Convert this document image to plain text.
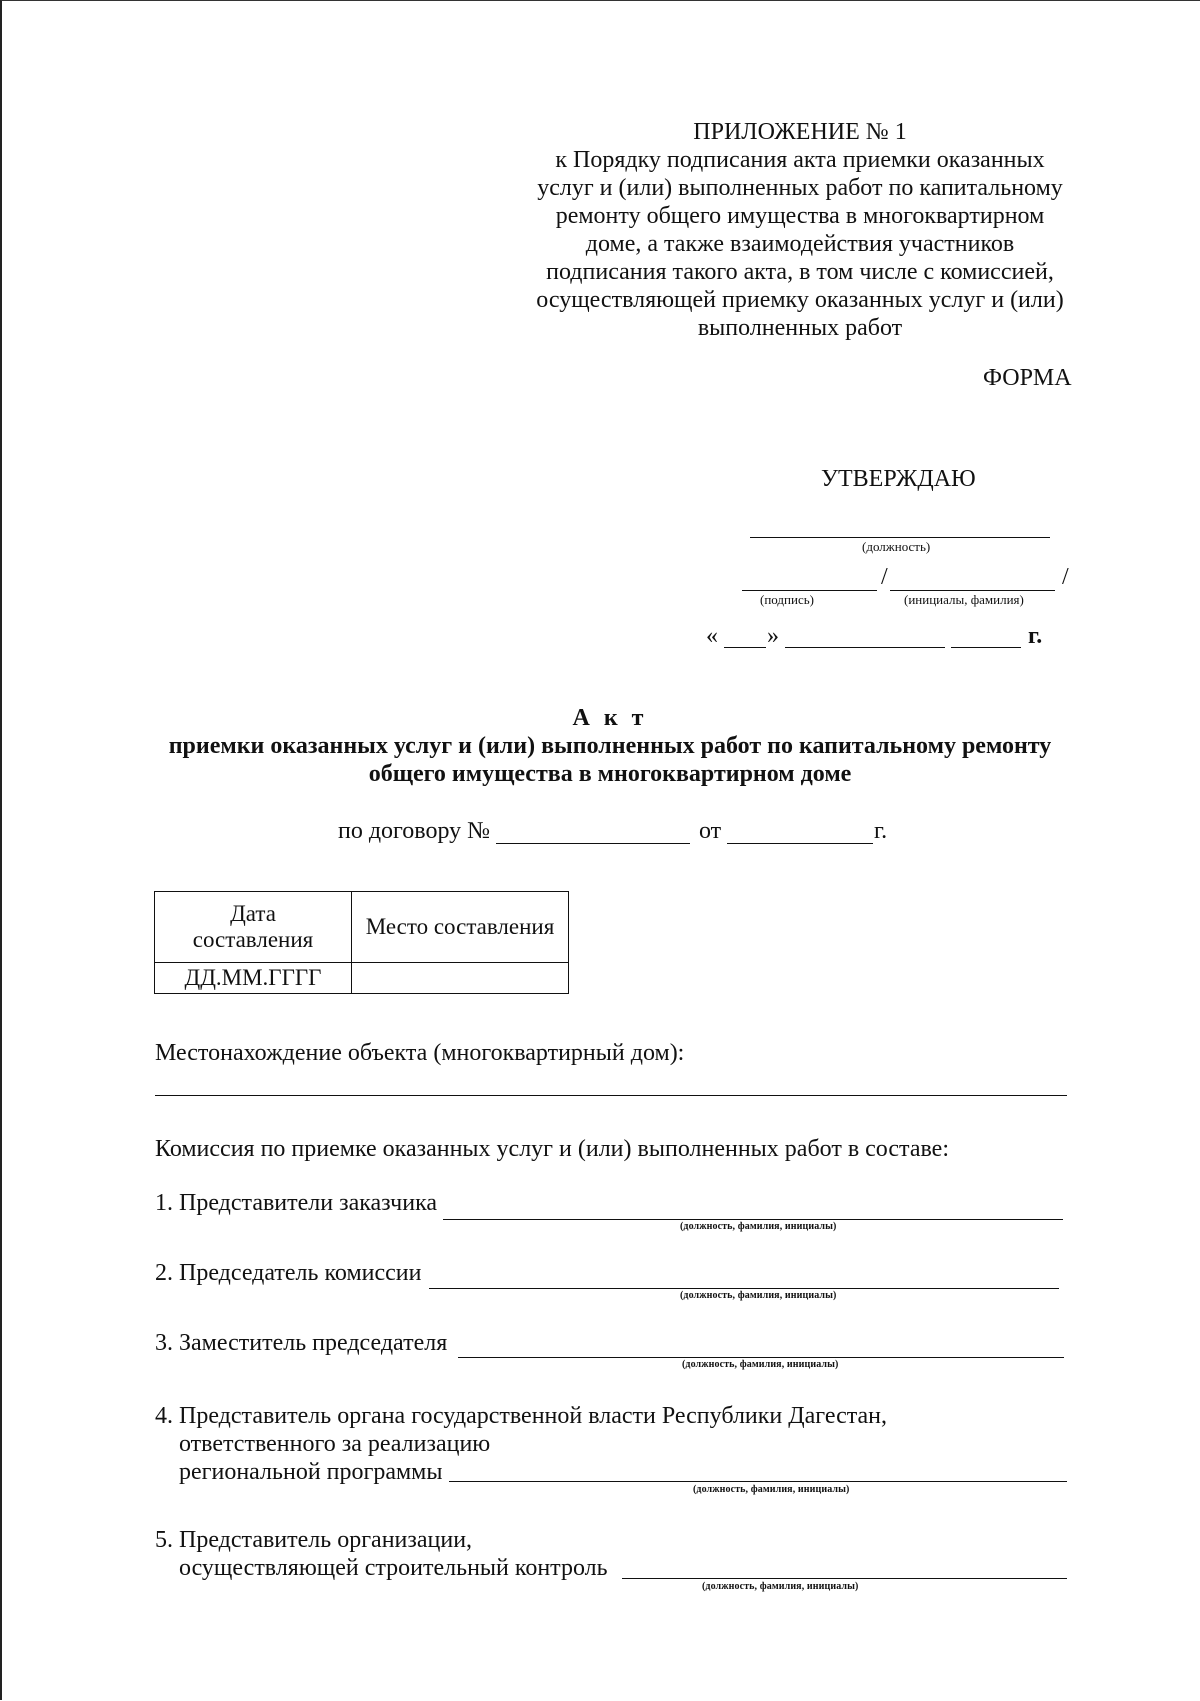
ПРИЛОЖЕНИЕ № 1
к Порядку подписания акта приемки оказанных
услуг и (или) выполненных работ по капитальному
ремонту общего имущества в многоквартирном
доме, а также взаимодействия участников
подписания такого акта, в том числе с комиссией,
осуществляющей приемку оказанных услуг и (или)
выполненных работ
ФОРМА
УТВЕРЖДАЮ
(должность)
/	/
(подпись)	(инициалы, фамилия)
« »	г.
А к т
приемки оказанных услуг и (или) выполненных работ по капитальному ремонту
общего имущества в многоквартирном доме
по договору №	от	г.
Дата
составления	Место составления
ДД.ММ.ГГГГ	
Местонахождение объекта (многоквартирный дом):
Комиссия по приемке оказанных услуг и (или) выполненных работ в составе:
1. Представители заказчика
(должность, фамилия, инициалы)
2. Председатель комиссии
(должность, фамилия, инициалы)
3. Заместитель председателя
(должность, фамилия, инициалы)
4. Представитель органа государственной власти Республики Дагестан,
ответственного за реализацию
региональной программы
(должность, фамилия, инициалы)
5. Представитель организации,
осуществляющей строительный контроль
(должность, фамилия, инициалы)
